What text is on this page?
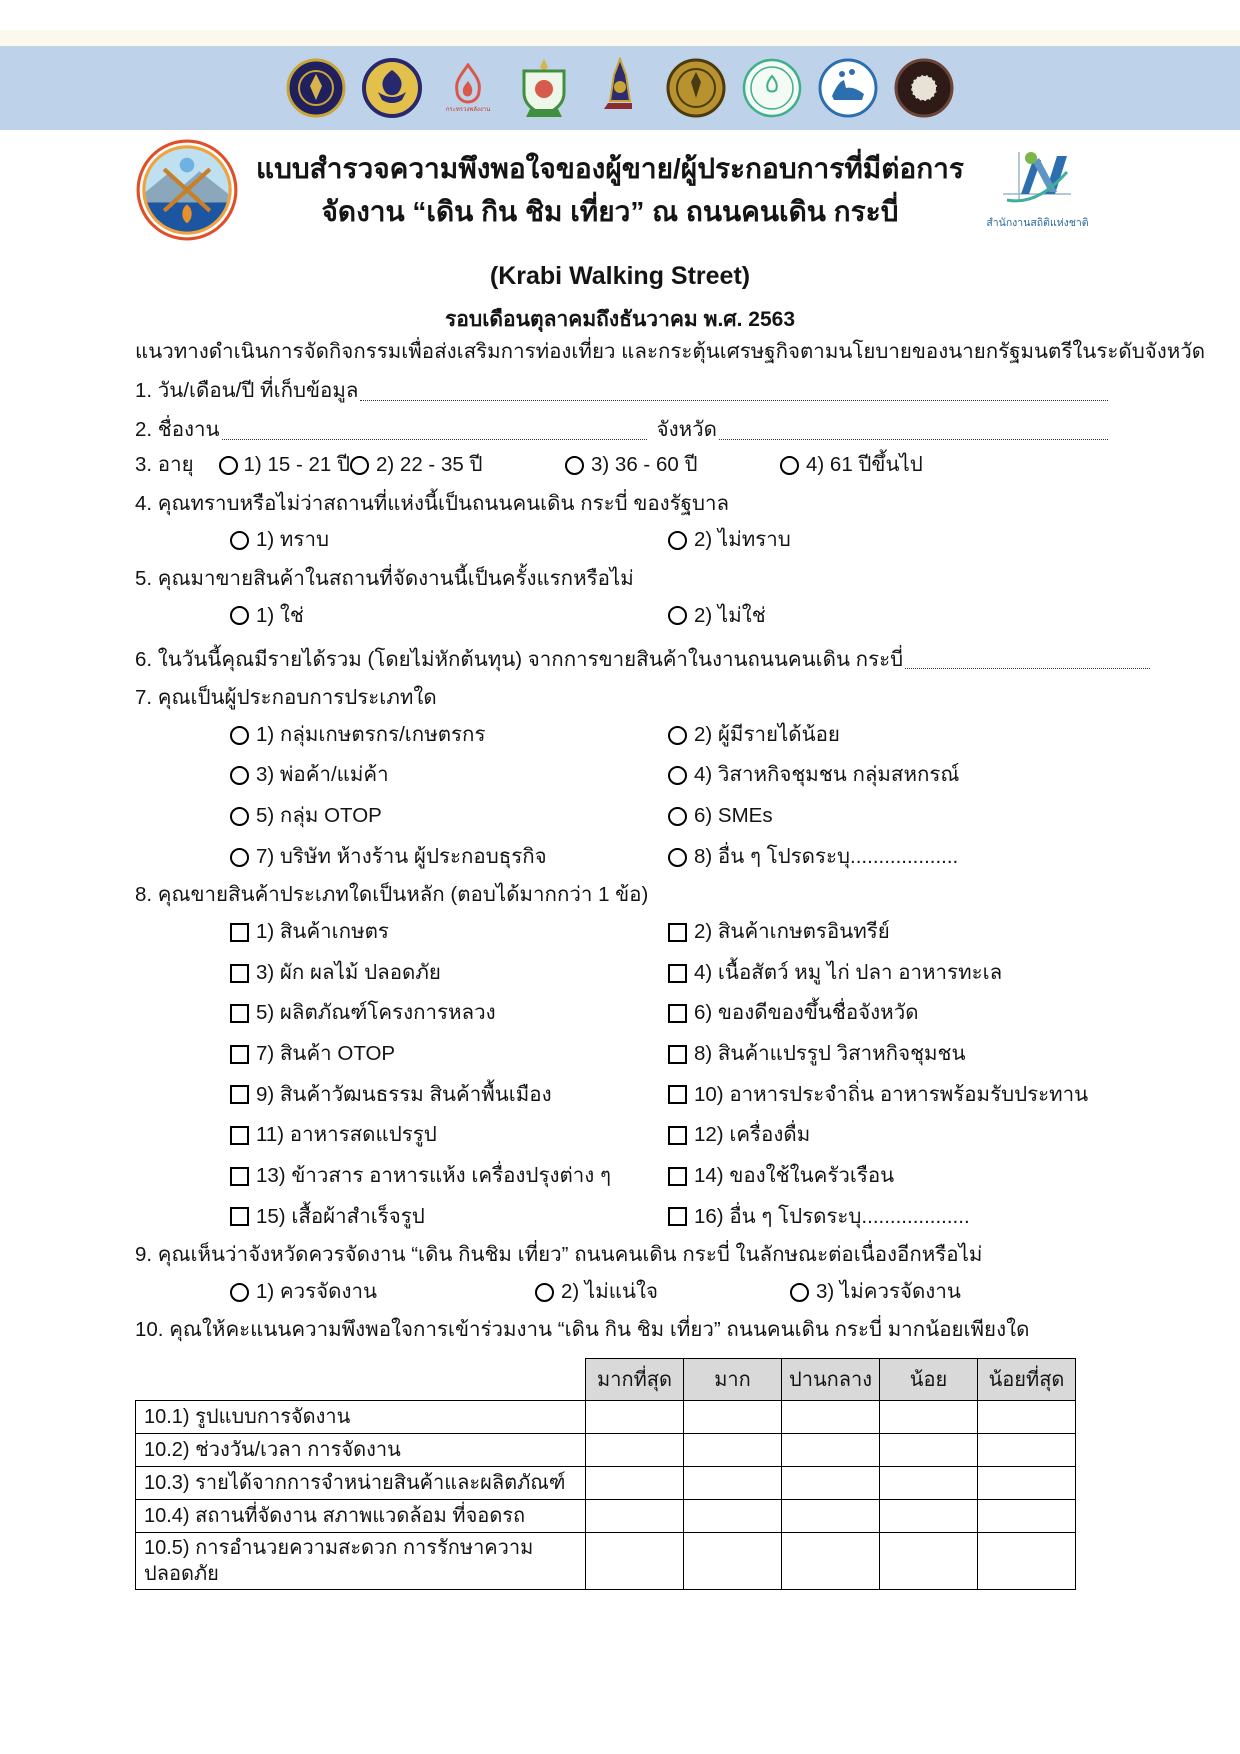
กระทรวงพลังงาน
แบบสำรวจความพึงพอใจของผู้ขาย/ผู้ประกอบการที่มีต่อการ
จัดงาน “เดิน กิน ชิม เที่ยว” ณ ถนนคนเดิน กระบี่	สำนักงานสถิติแห่งชาติ
(Krabi Walking Street)
รอบเดือนตุลาคมถึงธันวาคม พ.ศ. 2563
แนวทางดำเนินการจัดกิจกรรมเพื่อส่งเสริมการท่องเที่ยว และกระตุ้นเศรษฐกิจตามนโยบายของนายกรัฐมนตรีในระดับจังหวัด
1. วัน/เดือน/ปี ที่เก็บข้อมูล
2. ชื่องาน	จังหวัด
3. อายุ	1) 15 - 21 ปี 2) 22 - 35 ปี	3) 36 - 60 ปี	4) 61 ปีขึ้นไป
4. คุณทราบหรือไม่ว่าสถานที่แห่งนี้เป็นถนนคนเดิน กระบี่ ของรัฐบาล
1) ทราบ	2) ไม่ทราบ
5. คุณมาขายสินค้าในสถานที่จัดงานนี้เป็นครั้งแรกหรือไม่
1) ใช่	2) ไม่ใช่
6. ในวันนี้คุณมีรายได้รวม (โดยไม่หักต้นทุน) จากการขายสินค้าในงานถนนคนเดิน กระบี่
7. คุณเป็นผู้ประกอบการประเภทใด
1) กลุ่มเกษตรกร/เกษตรกร	2) ผู้มีรายได้น้อย
3) พ่อค้า/แม่ค้า	4) วิสาหกิจชุมชน กลุ่มสหกรณ์
5) กลุ่ม OTOP	6) SMEs
7) บริษัท ห้างร้าน ผู้ประกอบธุรกิจ	8) อื่น ๆ โปรดระบุ...................
8. คุณขายสินค้าประเภทใดเป็นหลัก (ตอบได้มากกว่า 1 ข้อ)
1) สินค้าเกษตร	2) สินค้าเกษตรอินทรีย์
3) ผัก ผลไม้ ปลอดภัย	4) เนื้อสัตว์ หมู ไก่ ปลา อาหารทะเล
5) ผลิตภัณฑ์โครงการหลวง	6) ของดีของขึ้นชื่อจังหวัด
7) สินค้า OTOP	8) สินค้าแปรรูป วิสาหกิจชุมชน
9) สินค้าวัฒนธรรม สินค้าพื้นเมือง	10) อาหารประจำถิ่น อาหารพร้อมรับประทาน
11) อาหารสดแปรรูป	12) เครื่องดื่ม
13) ข้าวสาร อาหารแห้ง เครื่องปรุงต่าง ๆ	14) ของใช้ในครัวเรือน
15) เสื้อผ้าสำเร็จรูป	16) อื่น ๆ โปรดระบุ...................
9. คุณเห็นว่าจังหวัดควรจัดงาน “เดิน กินชิม เที่ยว” ถนนคนเดิน กระบี่ ในลักษณะต่อเนื่องอีกหรือไม่
1) ควรจัดงาน	2) ไม่แน่ใจ	3) ไม่ควรจัดงาน
10. คุณให้คะแนนความพึงพอใจการเข้าร่วมงาน “เดิน กิน ชิม เที่ยว” ถนนคนเดิน กระบี่ มากน้อยเพียงใด
	มากที่สุด	มาก	ปานกลาง	น้อย	น้อยที่สุด
10.1) รูปแบบการจัดงาน					
10.2) ช่วงวัน/เวลา การจัดงาน					
10.3) รายได้จากการจำหน่ายสินค้าและผลิตภัณฑ์					
10.4) สถานที่จัดงาน สภาพแวดล้อม ที่จอดรถ					
10.5) การอำนวยความสะดวก การรักษาความปลอดภัย					
